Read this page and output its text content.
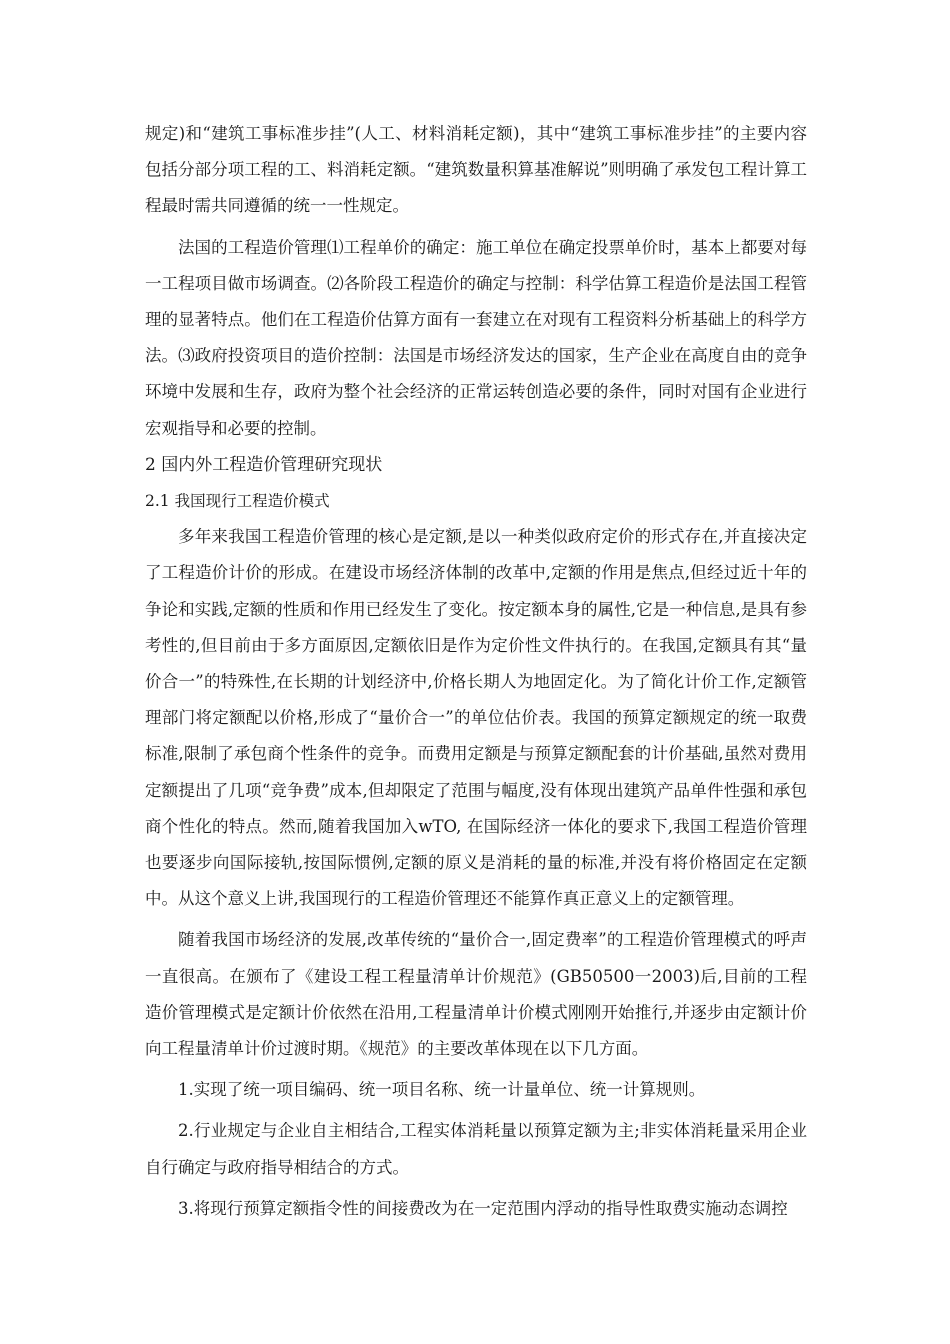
规定)和“建筑工事标准步挂”(人工、材料消耗定额)，其中“建筑工事标准步挂”的主要内容包括分部分项工程的工、料消耗定额。“建筑数量积算基准解说”则明确了承发包工程计算工程最时需共同遵循的统一一性规定。

法国的工程造价管理⑴工程单价的确定：施工单位在确定投票单价时，基本上都要对每一工程项目做市场调查。⑵各阶段工程造价的确定与控制：科学估算工程造价是法国工程管理的显著特点。他们在工程造价估算方面有一套建立在对现有工程资料分析基础上的科学方法。⑶政府投资项目的造价控制：法国是市场经济发达的国家，生产企业在高度自由的竞争环境中发展和生存，政府为整个社会经济的正常运转创造必要的条件，同时对国有企业进行宏观指导和必要的控制。

2 国内外工程造价管理研究现状

2.1 我国现行工程造价模式

多年来我国工程造价管理的核心是定额,是以一种类似政府定价的形式存在,并直接决定了工程造价计价的形成。在建设市场经济体制的改革中,定额的作用是焦点,但经过近十年的争论和实践,定额的性质和作用已经发生了变化。按定额本身的属性,它是一种信息,是具有参考性的,但目前由于多方面原因,定额依旧是作为定价性文件执行的。在我国,定额具有其“量价合一”的特殊性,在长期的计划经济中,价格长期人为地固定化。为了简化计价工作,定额管理部门将定额配以价格,形成了“量价合一”的单位估价表。我国的预算定额规定的统一取费标准,限制了承包商个性条件的竞争。而费用定额是与预算定额配套的计价基础,虽然对费用定额提出了几项“竞争费”成本,但却限定了范围与幅度,没有体现出建筑产品单件性强和承包商个性化的特点。然而,随着我国加入wTO, 在国际经济一体化的要求下,我国工程造价管理也要逐步向国际接轨,按国际惯例,定额的原义是消耗的量的标准,并没有将价格固定在定额中。从这个意义上讲,我国现行的工程造价管理还不能算作真正意义上的定额管理。

随着我国市场经济的发展,改革传统的“量价合一,固定费率”的工程造价管理模式的呼声一直很高。在颁布了《建设工程工程量清单计价规范》(GB50500一2003)后,目前的工程造价管理模式是定额计价依然在沿用,工程量清单计价模式刚刚开始推行,并逐步由定额计价向工程量清单计价过渡时期。《规范》的主要改革体现在以下几方面。

1.实现了统一项目编码、统一项目名称、统一计量单位、统一计算规则。

2.行业规定与企业自主相结合,工程实体消耗量以预算定额为主;非实体消耗量采用企业自行确定与政府指导相结合的方式。

3.将现行预算定额指令性的间接费改为在一定范围内浮动的指导性取费实施动态调控
